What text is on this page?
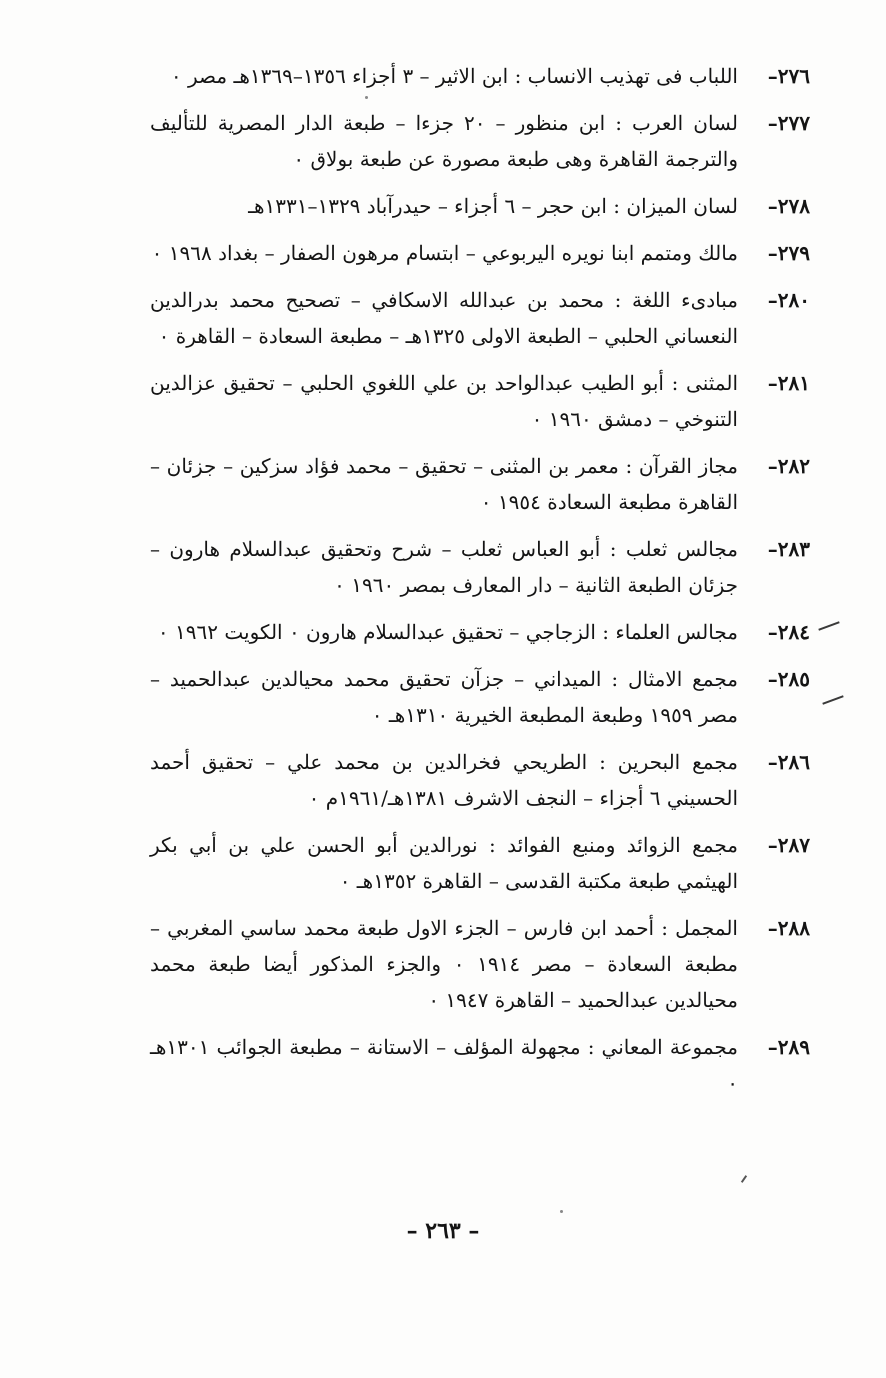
٢٧٦–
اللباب فى تهذيب الانساب : ابن الاثير – ٣ أجزاء ١٣٥٦–١٣٦٩هـ مصر ٠
٢٧٧–
لسان العرب : ابن منظور – ٢٠ جزءا – طبعة الدار المصرية للتأليف والترجمة القاهرة وهى طبعة مصورة عن طبعة بولاق ٠
٢٧٨–
لسان الميزان : ابن حجر – ٦ أجزاء – حيدرآباد ١٣٢٩–١٣٣١هـ
٢٧٩–
مالك ومتمم ابنا نويره اليربوعي – ابتسام مرهون الصفار – بغداد ١٩٦٨ ٠
٢٨٠–
مبادىء اللغة : محمد بن عبدالله الاسكافي – تصحيح محمد بدرالدين النعساني الحلبي – الطبعة الاولى ١٣٢٥هـ – مطبعة السعادة – القاهرة ٠
٢٨١–
المثنى : أبو الطيب عبدالواحد بن علي اللغوي الحلبي – تحقيق عزالدين التنوخي – دمشق ١٩٦٠ ٠
٢٨٢–
مجاز القرآن : معمر بن المثنى – تحقيق – محمد فؤاد سزكين – جزئان – القاهرة مطبعة السعادة ١٩٥٤ ٠
٢٨٣–
مجالس ثعلب : أبو العباس ثعلب – شرح وتحقيق عبدالسلام هارون – جزئان الطبعة الثانية – دار المعارف بمصر ١٩٦٠ ٠
٢٨٤–
مجالس العلماء : الزجاجي – تحقيق عبدالسلام هارون ٠ الكويت ١٩٦٢ ٠
٢٨٥–
مجمع الامثال : الميداني – جزآن تحقيق محمد محيالدين عبدالحميد – مصر ١٩٥٩ وطبعة المطبعة الخيرية ١٣١٠هـ ٠
٢٨٦–
مجمع البحرين : الطريحي فخرالدين بن محمد علي – تحقيق أحمد الحسيني ٦ أجزاء – النجف الاشرف ١٣٨١هـ/١٩٦١م ٠
٢٨٧–
مجمع الزوائد ومنبع الفوائد : نورالدين أبو الحسن علي بن أبي بكر الهيثمي طبعة مكتبة القدسى – القاهرة ١٣٥٢هـ ٠
٢٨٨–
المجمل : أحمد ابن فارس – الجزء الاول طبعة محمد ساسي المغربي – مطبعة السعادة – مصر ١٩١٤ ٠ والجزء المذكور أيضا طبعة محمد محيالدين عبدالحميد – القاهرة ١٩٤٧ ٠
٢٨٩–
مجموعة المعاني : مجهولة المؤلف – الاستانة – مطبعة الجوائب ١٣٠١هـ ٠
– ٢٦٣ –
